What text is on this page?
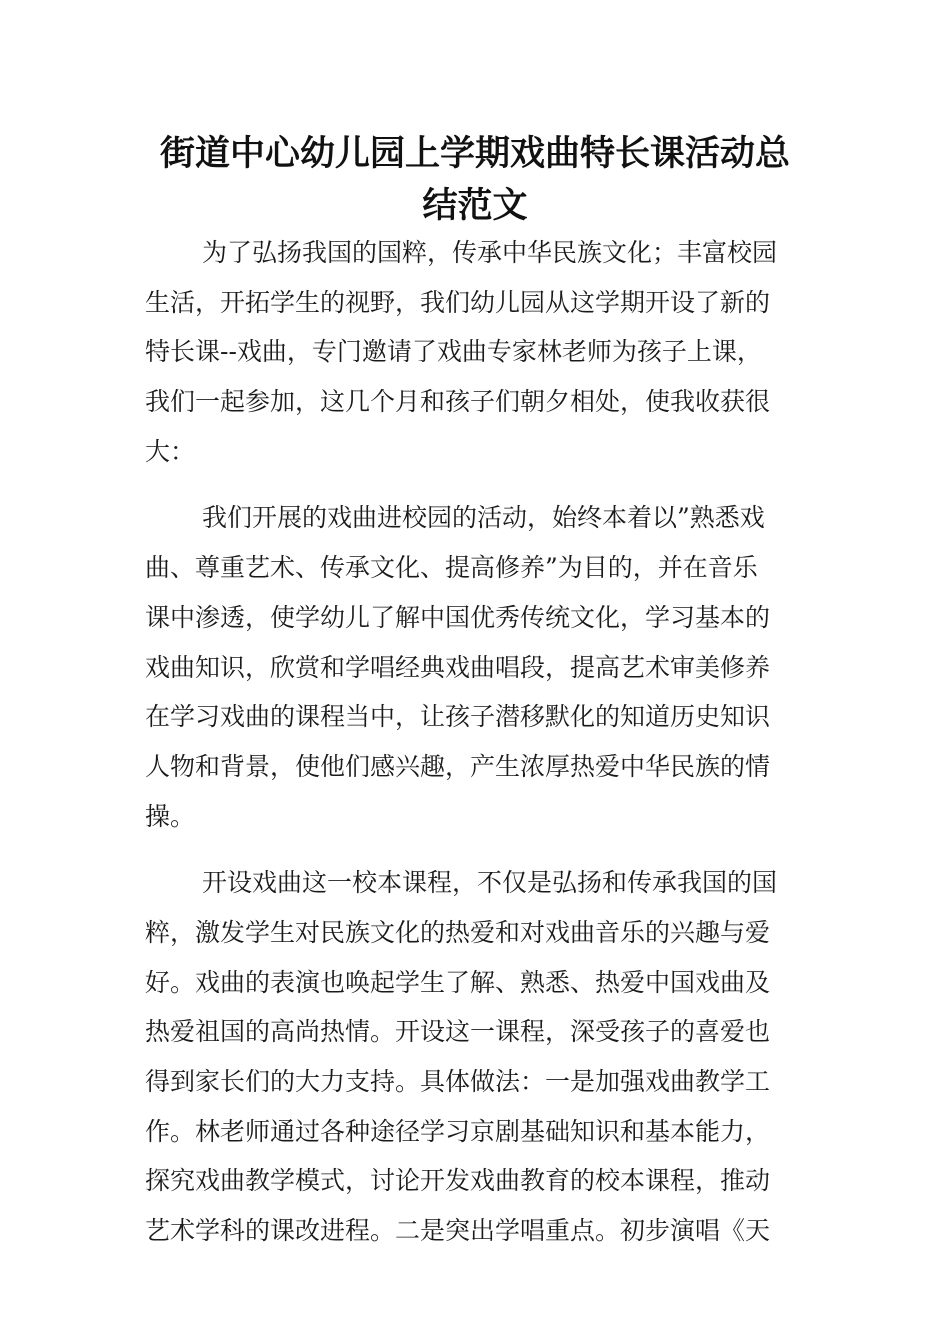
街道中心幼儿园上学期戏曲特长课活动总
结范文
为了弘扬我国的国粹，传承中华民族文化；丰富校园
生活，开拓学生的视野，我们幼儿园从这学期开设了新的
特长课--戏曲，专门邀请了戏曲专家林老师为孩子上课，
我们一起参加，这几个月和孩子们朝夕相处，使我收获很
大：
我们开展的戏曲进校园的活动，始终本着以”熟悉戏
曲、尊重艺术、传承文化、提高修养”为目的，并在音乐
课中渗透，使学幼儿了解中国优秀传统文化，学习基本的
戏曲知识，欣赏和学唱经典戏曲唱段，提高艺术审美修养
在学习戏曲的课程当中，让孩子潜移默化的知道历史知识
人物和背景，使他们感兴趣，产生浓厚热爱中华民族的情
操。
开设戏曲这一校本课程，不仅是弘扬和传承我国的国
粹，激发学生对民族文化的热爱和对戏曲音乐的兴趣与爱
好。戏曲的表演也唤起学生了解、熟悉、热爱中国戏曲及
热爱祖国的高尚热情。开设这一课程，深受孩子的喜爱也
得到家长们的大力支持。具体做法：一是加强戏曲教学工
作。林老师通过各种途径学习京剧基础知识和基本能力，
探究戏曲教学模式，讨论开发戏曲教育的校本课程，推动
艺术学科的课改进程。二是突出学唱重点。初步演唱《天
